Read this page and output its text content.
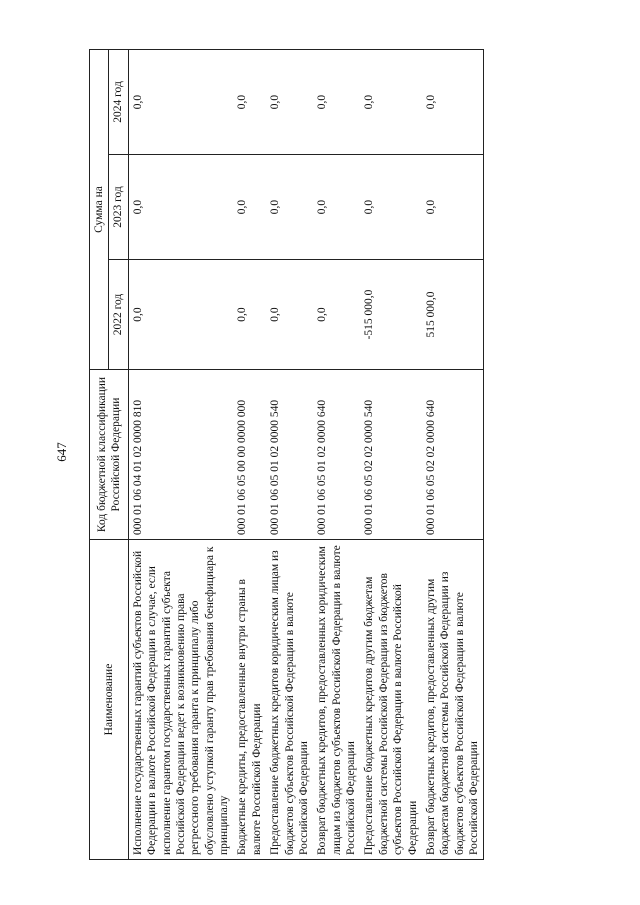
647
Наименование	Код бюджетной классификации Российской Федерации	Сумма на		
		2022 год	2023 год	2024 год
Исполнение государственных гарантий субъектов Российской Федерации в валюте Российской Федерации в случае, если исполнение гарантом государственных гарантий субъекта Российской Федерации ведет к возникновению права регрессного требования гаранта к принципалу либо обусловлено уступкой гаранту прав требования бенефициара к принципалу	000 01 06 04 01 02 0000 810	0,0	0,0	0,0
Бюджетные кредиты, предоставленные внутри страны в валюте Российской Федерации	000 01 06 05 00 00 0000 000	0,0	0,0	0,0
Предоставление бюджетных кредитов юридическим лицам из бюджетов субъектов Российской Федерации в валюте Российской Федерации	000 01 06 05 01 02 0000 540	0,0	0,0	0,0
Возврат бюджетных кредитов, предоставленных юридическим лицам из бюджетов субъектов Российской Федерации в валюте Российской Федерации	000 01 06 05 01 02 0000 640	0,0	0,0	0,0
Предоставление бюджетных кредитов другим бюджетам бюджетной системы Российской Федерации из бюджетов субъектов Российской Федерации в валюте Российской Федерации	000 01 06 05 02 02 0000 540	-515 000,0	0,0	0,0
Возврат бюджетных кредитов, предоставленных другим бюджетам бюджетной системы Российской Федерации из бюджетов субъектов Российской Федерации в валюте Российской Федерации	000 01 06 05 02 02 0000 640	515 000,0	0,0	0,0
